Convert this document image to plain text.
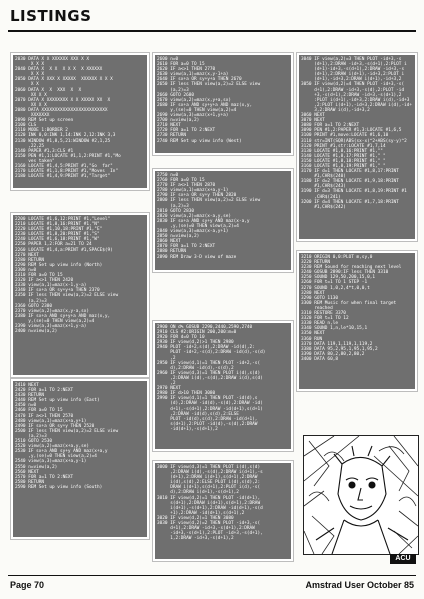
LISTINGS
2030 DATA X X XXXXXX XXX X X
X X X
2040 DATA X  X X  X X X  X XXXXXX
X X X
2050 DATA X XXX X XXXXX  XXXXXX X X X
X X
2060 DATA X  X  XXX  X  X
XX X X
2070 DATA X XXXXXXXX X X XXXXX XX  X
XX X X
2080 DATA XXXXXXXXXXXXXXXXXXXXXXXXX
XXXXXXX
2090 REM Set up screen
2100 CLS
2110 MODE 1:BORDER 2
2120 INK 0,0:INK 1,14:INK 2,12:INK 3,3
2130 WINDOW #1,8,5,21:WINDOW #2,1,25
,22,25
2140 PAPER #1,3:CLS #1
2150 PEN #1,1:LOCATE #1,1,2:PRINT #1,"Mo
ves taken"
2160 LOCATE #1,4,5:PRINT #1,"Go  far"
2170 LOCATE #1,1,8:PRINT #1,"Moves  In"
2180 LOCATE #1,4,9:PRINT #1,"Target"
2200 LOCATE #1,6,12:PRINT #1,"Level"
2210 LOCATE #1,8,16:PRINT #1,"N"
2220 LOCATE #1,10,18:PRINT #1,"E"
2230 LOCATE #1,8,20:PRINT #1,"S"
2240 LOCATE #1,6,18:PRINT #1,"W"
2250 PAPER 1,2:FOR a=21 TO 24
2260 LOCATE #1,4,a:PRINT #1,SPACE$(9)
2270 NEXT
2280 RETURN
2290 REM Set up view info (North)
2300 n=0
2310 FOR a=0 TO 15
2320 IF a<>1 THEN 2420
2330 view(a,1)=maz(x-1,y-a)
2340 IF sx+a OR sy+y+a THEN 2370
2350 IF less THEN view(a,2)=2 ELSE view
(a,2)=3
2360 GOTO 2380
2370 view(a,2)=maz(x,y-a,sx)
2380 IF sx+a AND sy+y+a AND maz(x,y,
y,(se)=0 THEN view(a,2)=4
2390 view(a,3)=maz(x+1,y-a)
2400 n=view(a,2)
2410 NEXT
2420 FOR a=1 TO 2:NEXT
2430 RETURN
2440 REM Set up view info (East)
2450 n=0
2460 FOR a=0 TO 15
2470 IF a<>1 THEN 2570
2480 view(a,1)=maz(x+a,y+1)
2490 IF sx+a OR sy+y THEN 2520
2500 IF less THEN view(a,2)=2 ELSE view
(a,2)=3
2510 GOTO 2530
2520 view(a,2)=maz(x+a,y,se)
2530 IF sx+a AND sy+y AND maz(x+a,y
,y,(se)=0 THEN view(a,2)=4
2540 view(a,3)=maz(x+a,y-1)
2550 n=view(a,2)
2560 NEXT
2570 FOR a=1 TO 2:NEXT
2580 RETURN
2590 REM Set up view info (South)
2600 n=0
2610 FOR a=0 TO 15
2620 IF a<>1 THEN 2770
2630 view(a,1)=maz(x,y-1+a)
2640 IF sx+a OR sy+y+a THEN 2670
2650 IF less THEN view(a,2)=2 ELSE view
(a,2)=3
2660 GOTO 2680
2670 view(a,2)=maz(x,y+a,sx)
2680 IF sx+a AND sy+y+a AND maz(x,y,
y,(se)=0 THEN view(a,2)=4
2690 view(a,3)=maz(x+1,y+a)
2700 n=view(a,2)
2710 NEXT
2720 FOR a=1 TO 2:NEXT
2730 RETURN
2740 REM Set up view info (West)
2750 n=0
2760 FOR a=0 TO 15
2770 IF a<>1 THEN 2870
2780 view(a,1)=maz(x+a,y-1)
2790 IF sx+a OR sy+y THEN 2820
2800 IF less THEN view(a,2)=2 ELSE view
(a,2)=3
2810 GOTO 2830
2820 view(a,2)=maz(x-a,y,se)
2830 IF sx+a AND sy+y AND maz(x-a,y
,y,(se)=0 THEN view(a,2)=4
2840 view(a,3)=maz(x-a,y+1)
2850 n=view(a,2)
2860 NEXT
2870 FOR a=1 TO 2:NEXT
2880 RETURN
2890 REM Draw 3-D view of maze
2900 ON d% GOSUB 2290,2440,2590,2740
2910 CLS #2:ORIGIN 200,200:m=0
2920 FOR d=0 TO 10
2930 IF view(d,2)>1 THEN 2980
2940 PLOT -id+2,s(d),2:DRAW -id(d),2:
PLOT -id+2,-s(d),2:DRAW -id(d),-s(d)
,2
2950 IF view(d,1)=1 THEN PLOT -id+2,-s(
d),2:DRAW -id(d),-s(d),2
2960 IF view(d,3)=1 THEN PLOT i(d),s(d)
,2:DRAW i(d),-s(d),2:DRAW i(d),s(d)
,2
2970 NEXT
2980 IF d>10 THEN 3080
2990 IF view(d,1)=1 THEN PLOT -id(d),s
(d),2:DRAW -id(d),-s(d),2:DRAW -id(
d+1),-s(d+1),2:DRAW -id(d+1),s(d+1)
,2:DRAW -id(d),s(d),2:ELSE
PLOT -id(d),s(d),2:DRAW -id(d+1),
s(d+1),2:PLOT -id(d),-s(d),2:DRAW
-id(d+1),-s(d+1),2
3000 IF view(d,3)=1 THEN PLOT i(d),s(d)
,2:DRAW i(d),-s(d),2:DRAW i(d+1),-s
(d+1),2:DRAW i(d+1),s(d+1),2:DRAW
i(d),s(d),2:ELSE PLOT i(d),s(d),2:
DRAW i(d+1),s(d+1),2:PLOT i(d),-s(
d),2:DRAW i(d+1),-s(d+1),2
3010 IF view(d,2)=1 THEN PLOT -id(d+1),
s(d+1),2:DRAW i(d+1),s(d+1),2:DRAW
i(d+1),-s(d+1),2:DRAW -id(d+1),-s(d
+1),2:DRAW -id(d+1),s(d+1),2
3020 IF view(d,2)=1 THEN 3080
3030 IF view(d,2)=2 THEN PLOT -id+3,-s(
d+1),2:DRAW -id+3,-s(d+1),2:DRAW
-id+3,-s(d+1),2:PLOT -id+3,-s(d+1),
1,2:DRAW -id+3,-s(d+1),2
3040 IF view(a,2)=3 THEN PLOT -id+3,-s
(d+1),2:DRAW -id+3,-s(d+1),2:PLOT i
(d+1)-id+3,-s(d+1),2:DRAW -id+3,-s
(d+1),2:DRAW i(d+1),-id+3,2:PLOT i
(d+1),-id+3,2:DRAW i(d+1),-id+3,2
3050 IF view(d,2)=4 THEN PLOT -id+3,-s(
d+1),2:DRAW -id+3,-s(d),2:PLOT -id
+3,-s(d+1),2:DRAW -id+3,-s(d+1),2
:PLOT i(d+1),-id+3,2:DRAW i(d),-id+3
,2:PLOT i(d+1),-id+3,2:DRAW i(d),-id+
3,2:DRAW i(d),-id+3,2
3060 NEXT
3070 NEXT
3080 FOR a=1 TO 2:NEXT
3090 PEN #1,2:PAPER #1,3:LOCATE #1,6,5
3100 PRINT #1,move:LOCATE #1,6,10
3110 str=INT(SQR(ABS(sx-x)^2+ABS(sy-y)^2
3120 PRINT #1,str:LOCATE #1,7,14
3130 LOCATE #1,8,16:PRINT #1,""
3140 LOCATE #1,8,17:PRINT #1," "
3150 LOCATE #1,8,18:PRINT #1," "
3160 LOCATE #1,8,19:PRINT #1," "
3170 IF d=1 THEN LOCATE #1,8,17:PRINT
#1,CHR$(240)
3180 IF d=2 THEN LOCATE #1,9,18:PRINT
#1,CHR$(243)
3190 IF d=3 THEN LOCATE #1,8,19:PRINT #1
,CHR$(241)
3200 IF d=4 THEN LOCATE #1,7,18:PRINT
#1,CHR$(242)
3210 ORIGIN 0,0:PLOT m,sy,0
3220 RETURN
3230 REM Sound for reaching next level
3240 GOSUB 2890:IF less THEN 3310
3250 SOUND 129,50,200,15,0,1
3260 FOR t=1 TO 1 STEP -1
3270 SOUND 1,0,2,4*t,0,0,t
3280 NEXT
3290 GOTO 1130
3300 REM Music for when final target
reached
3310 RESTORE 3370
3320 FOR t=1 TO 12
3330 READ n,le
3340 SOUND 1,n,le*10,15,1
3350 NEXT
3360 RUN
3370 DATA 119,1,119,1,119,2
3380 DATA 95,2,95,1,95,1,95,2
3390 DATA 80,2,80,2,80,2
3400 DATA 60,8
ACU
Page 70	Amstrad User October 85
